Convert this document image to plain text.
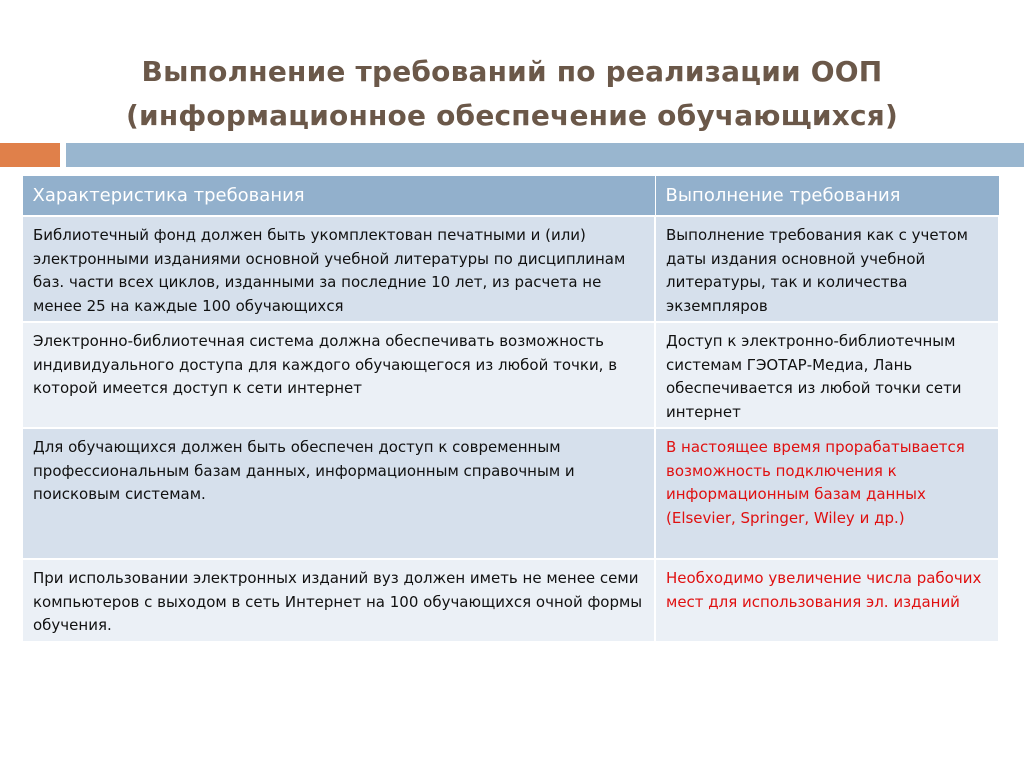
Выполнение требований по реализации ООП
(информационное обеспечение обучающихся)
Характеристика требования	Выполнение требования
Библиотечный фонд должен быть укомплектован печатными и (или) электронными изданиями основной учебной литературы по дисциплинам баз. части всех циклов, изданными за последние 10 лет, из расчета не менее 25 на каждые 100 обучающихся	Выполнение требования как с учетом даты издания основной учебной литературы, так и количества экземпляров
Электронно-библиотечная система должна обеспечивать возможность индивидуального доступа для каждого обучающегося из любой точки, в которой имеется доступ к сети интернет	Доступ к электронно-библиотечным системам ГЭОТАР-Медиа, Лань обеспечивается из любой точки сети интернет
Для обучающихся должен быть обеспечен доступ к современным профессиональным базам данных, информационным справочным и поисковым системам.	В настоящее время прорабатывается возможность подключения к информационным базам данных (Elsevier, Springer, Wiley и др.)
При использовании электронных изданий вуз должен иметь не менее семи компьютеров с выходом в сеть Интернет на 100 обучающихся очной формы обучения.	Необходимо увеличение числа рабочих мест для использования эл. изданий
